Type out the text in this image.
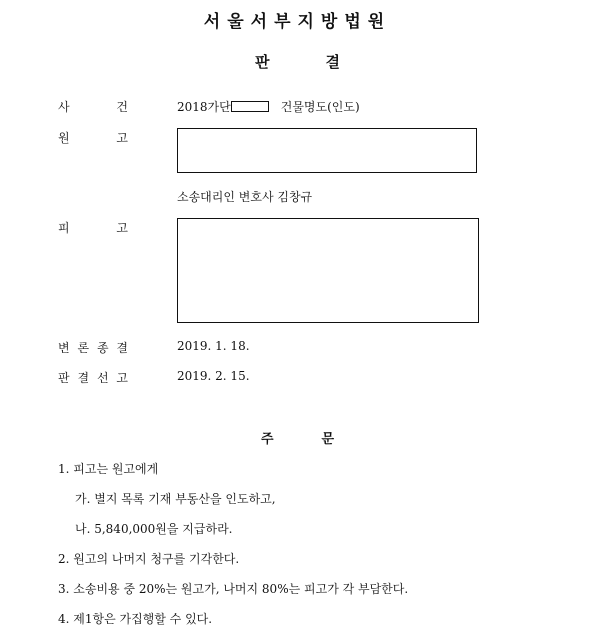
서울서부지방법원
판	결
사	건	2018가단	건물명도(인도)
원	고
소송대리인 변호사 김창규
피	고
변 론 종 결	2019. 1. 18.
판 결 선 고	2019. 2. 15.
주	문
1. 피고는 원고에게
가. 별지 목록 기재 부동산을 인도하고,
나. 5,840,000원을 지급하라.
2. 원고의 나머지 청구를 기각한다.
3. 소송비용 중 20%는 원고가, 나머지 80%는 피고가 각 부담한다.
4. 제1항은 가집행할 수 있다.
